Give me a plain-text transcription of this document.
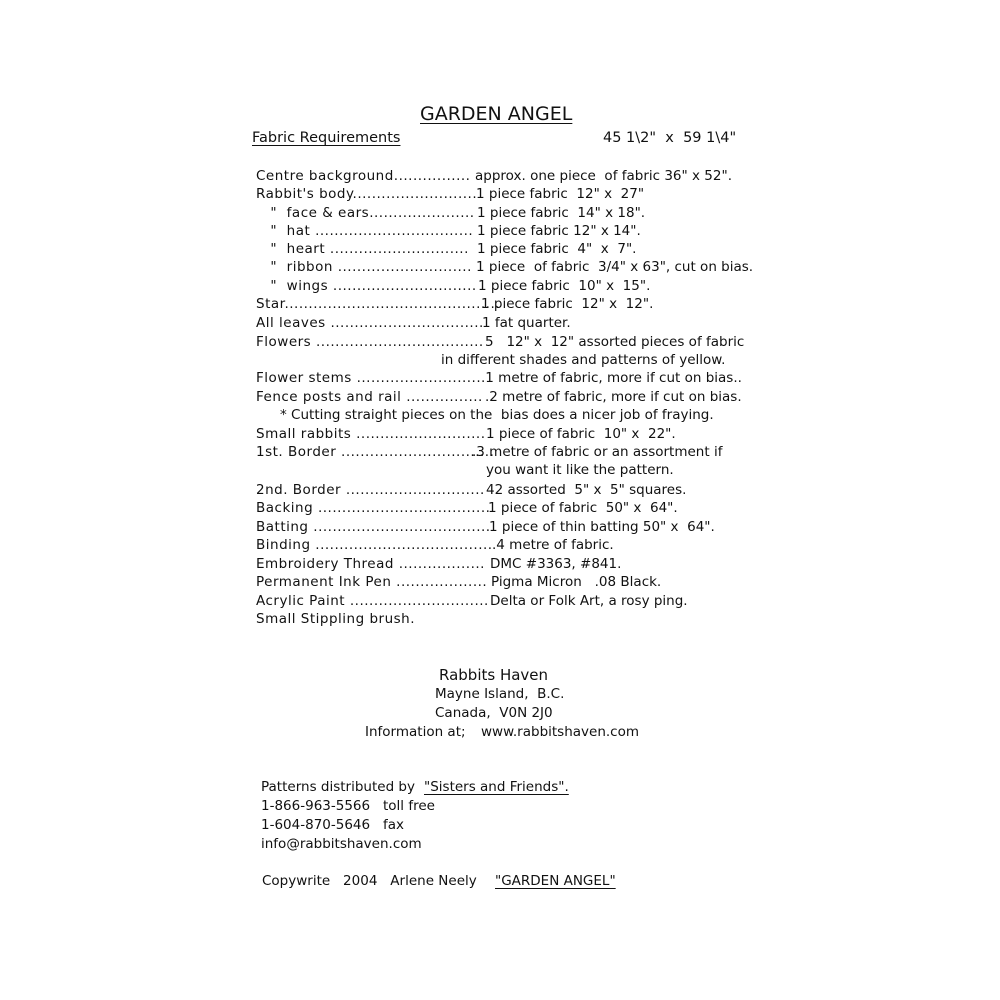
GARDEN ANGEL
Fabric Requirements	45 1\2"  x  59 1\4"
Centre background................ approx. one piece  of fabric 36" x 52".
Rabbit's body..........................
1 piece fabric  12" x  27"
"  face & ears...................... 1 piece fabric  14" x 18".
"  hat ................................. 1 piece fabric 12" x 14".
"  heart ............................. 1 piece fabric  4"  x  7".
"  ribbon ............................ 1 piece  of fabric  3/4" x 63", cut on bias.
"  wings .............................. 1 piece fabric  10" x  15".
Star.............................................
1 piece fabric  12" x  12".
All leaves ................................
1 fat quarter.
Flowers ................................... 5   12" x  12" assorted pieces of fabric
in different shades and patterns of yellow.
Flower stems .......................... .1 metre of fabric, more if cut on bias..
Fence posts and rail ................ .2 metre of fabric, more if cut on bias.
* Cutting straight pieces on the  bias does a nicer job of fraying.
Small rabbits ........................... 1 piece of fabric  10" x  22".
1st. Border ................................
.3 metre of fabric or an assortment if
you want it like the pattern.
2nd. Border ............................. 42 assorted  5" x  5" squares.
Backing ....................................
1 piece of fabric  50" x  64".
Batting .....................................
1 piece of thin batting 50" x  64".
Binding ..................................... .4 metre of fabric.
Embroidery Thread .................. DMC #3363, #841.
Permanent Ink Pen ................... Pigma Micron   .08 Black.
Acrylic Paint ............................. Delta or Folk Art, a rosy ping.
Small Stippling brush.
Rabbits Haven
Mayne Island,  B.C.
Canada,  V0N 2J0
Information at; www.rabbitshaven.com
Patterns distributed by "Sisters and Friends".
1-866-963-5566   toll free
1-604-870-5646   fax
info@rabbitshaven.com
Copywrite   2004   Arlene Neely "GARDEN ANGEL"
